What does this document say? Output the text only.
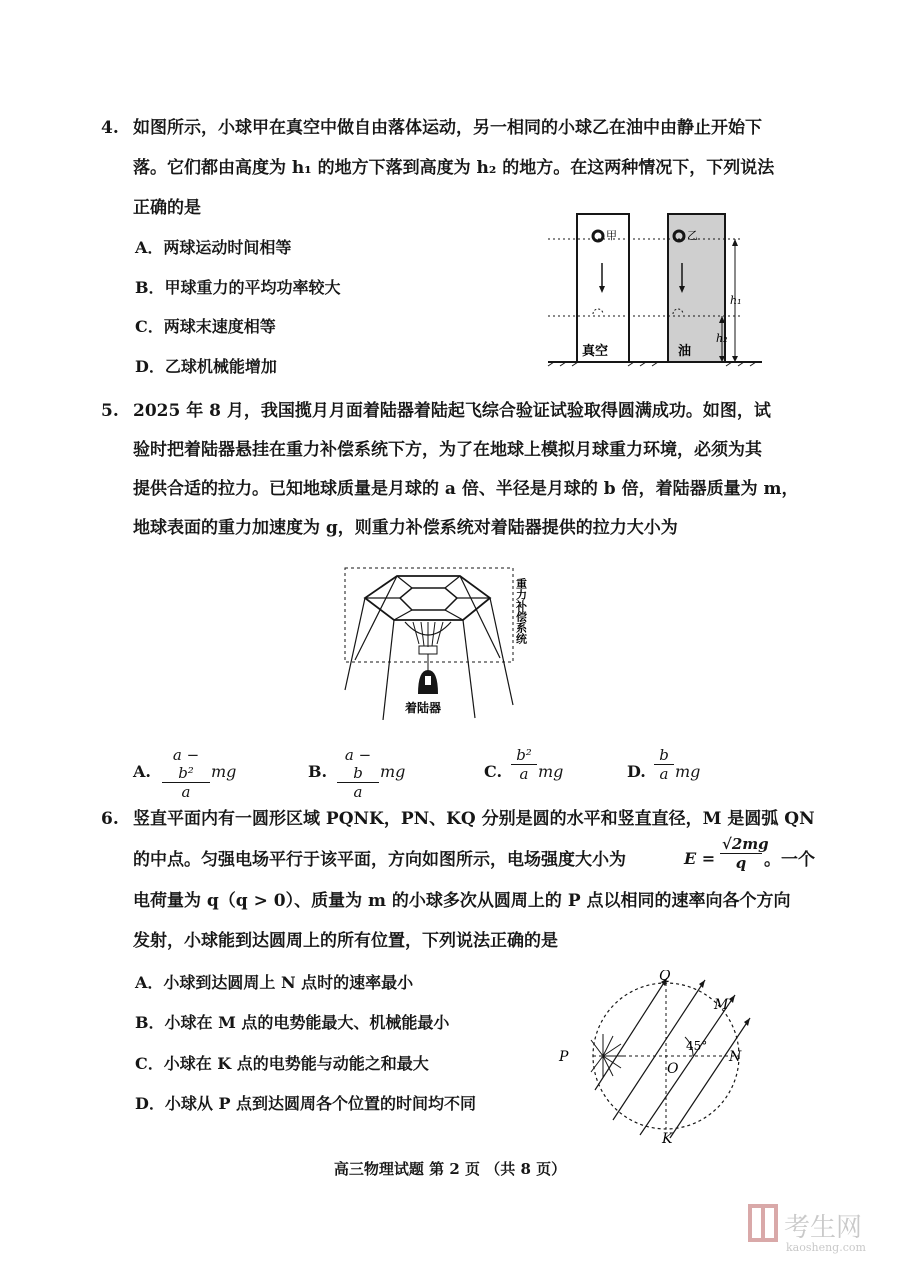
4. 如图所示，小球甲在真空中做自由落体运动，另一相同的小球乙在油中由静止开始下
落。它们都由高度为 h₁ 的地方下落到高度为 h₂ 的地方。在这两种情况下，下列说法
正确的是
A．两球运动时间相等
B．甲球重力的平均功率较大
C．两球末速度相等
D．乙球机械能增加
甲	乙
h₁
h₂
真空	油
5. 2025 年 8 月，我国揽月月面着陆器着陆起飞综合验证试验取得圆满成功。如图，试
验时把着陆器悬挂在重力补偿系统下方，为了在地球上模拟月球重力环境，必须为其
提供合适的拉力。已知地球质量是月球的 a 倍、半径是月球的 b 倍，着陆器质量为 m，
地球表面的重力加速度为 g，则重力补偿系统对着陆器提供的拉力大小为
着陆器
重力补偿系统
A. $\frac{\text{a − b²}}{a}$ mg	B. $\frac{a - b}{a}$ mg	C. $\frac{\text{b²}}{a}$ mg	D. $\frac{b}{a}$ mg
6. 竖直平面内有一圆形区域 PQNK，PN、KQ 分别是圆的水平和竖直直径，M 是圆弧 QN
的中点。匀强电场平行于该平面，方向如图所示，电场强度大小为	$E = \frac{√2mg}{q}$ 。一个
电荷量为 q（q > 0）、质量为 m 的小球多次从圆周上的 P 点以相同的速率向各个方向
发射，小球能到达圆周上的所有位置，下列说法正确的是
A．小球到达圆周上 N 点时的速率最小
B．小球在 M 点的电势能最大、机械能最小
C．小球在 K 点的电势能与动能之和最大
D．小球从 P 点到达圆周各个位置的时间均不同
45°
P
Q
N
K
M
O
高三物理试题 第 2 页 （共 8 页）
考生网
kaosheng.com
